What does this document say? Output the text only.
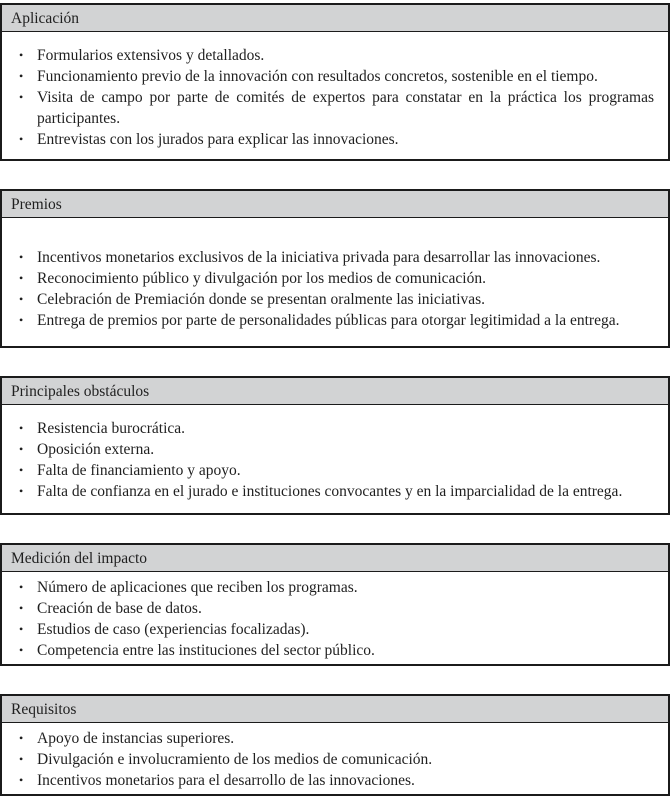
Aplicación
• Formularios extensivos y detallados.
• Funcionamiento previo de la innovación con resultados concretos, sostenible en el tiempo.
• Visita de campo por parte de comités de expertos para constatar en la práctica los programas participantes.
• Entrevistas con los jurados para explicar las innovaciones.
Premios
• Incentivos monetarios exclusivos de la iniciativa privada para desarrollar las innovaciones.
• Reconocimiento público y divulgación por los medios de comunicación.
• Celebración de Premiación donde se presentan oralmente las iniciativas.
• Entrega de premios por parte de personalidades públicas para otorgar legitimidad a la entrega.
Principales obstáculos
• Resistencia burocrática.
• Oposición externa.
• Falta de financiamiento y apoyo.
• Falta de confianza en el jurado e instituciones convocantes y en la imparcialidad de la entrega.
Medición del impacto
• Número de aplicaciones que reciben los programas.
• Creación de base de datos.
• Estudios de caso (experiencias focalizadas).
• Competencia entre las instituciones del sector público.
Requisitos
• Apoyo de instancias superiores.
• Divulgación e involucramiento de los medios de comunicación.
• Incentivos monetarios para el desarrollo de las innovaciones.
